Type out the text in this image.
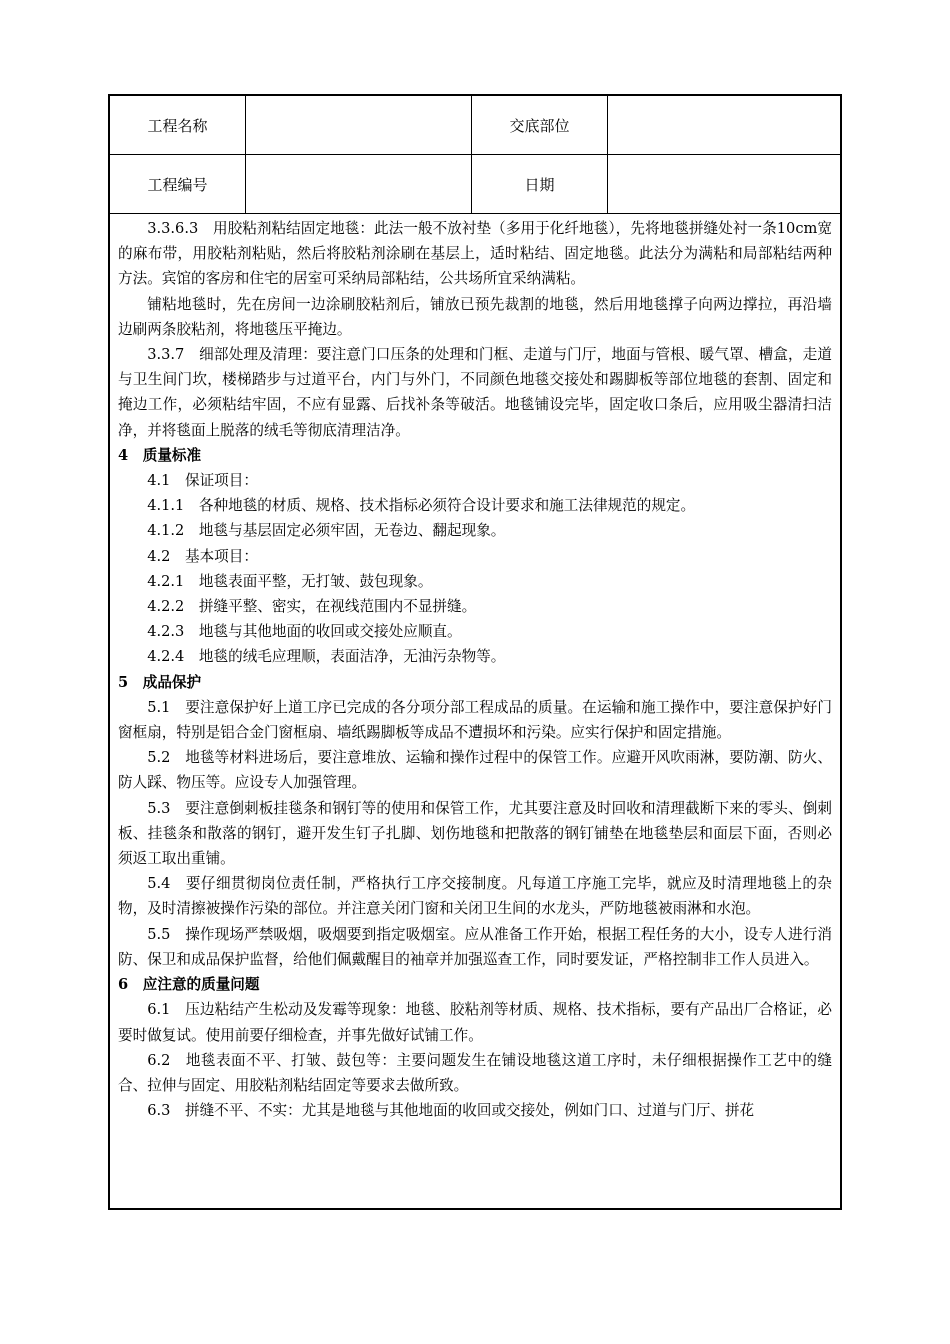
工程名称	交底部位
工程编号	日期

3.3.6.3　用胶粘剂粘结固定地毯：此法一般不放衬垫（多用于化纤地毯），先将地毯拼缝处衬一条10cm宽的麻布带，用胶粘剂粘贴，然后将胶粘剂涂刷在基层上，适时粘结、固定地毯。此法分为满粘和局部粘结两种方法。宾馆的客房和住宅的居室可采纳局部粘结，公共场所宜采纳满粘。

铺粘地毯时，先在房间一边涂刷胶粘剂后，铺放已预先裁割的地毯，然后用地毯撑子向两边撑拉，再沿墙边刷两条胶粘剂，将地毯压平掩边。

3.3.7　细部处理及清理：要注意门口压条的处理和门框、走道与门厅，地面与管根、暖气罩、槽盒，走道与卫生间门坎，楼梯踏步与过道平台，内门与外门，不同颜色地毯交接处和踢脚板等部位地毯的套割、固定和掩边工作，必须粘结牢固，不应有显露、后找补条等破活。地毯铺设完毕，固定收口条后，应用吸尘器清扫洁净，并将毯面上脱落的绒毛等彻底清理洁净。

4　质量标准

4.1　保证项目：

4.1.1　各种地毯的材质、规格、技术指标必须符合设计要求和施工法律规范的规定。

4.1.2　地毯与基层固定必须牢固，无卷边、翻起现象。

4.2　基本项目：

4.2.1　地毯表面平整，无打皱、鼓包现象。

4.2.2　拼缝平整、密实，在视线范围内不显拼缝。

4.2.3　地毯与其他地面的收回或交接处应顺直。

4.2.4　地毯的绒毛应理顺，表面洁净，无油污杂物等。

5　成品保护

5.1　要注意保护好上道工序已完成的各分项分部工程成品的质量。在运输和施工操作中，要注意保护好门窗框扇，特别是铝合金门窗框扇、墙纸踢脚板等成品不遭损坏和污染。应实行保护和固定措施。

5.2　地毯等材料进场后，要注意堆放、运输和操作过程中的保管工作。应避开风吹雨淋，要防潮、防火、防人踩、物压等。应设专人加强管理。

5.3　要注意倒刺板挂毯条和钢钉等的使用和保管工作，尤其要注意及时回收和清理截断下来的零头、倒刺板、挂毯条和散落的钢钉，避开发生钉子扎脚、划伤地毯和把散落的钢钉铺垫在地毯垫层和面层下面，否则必须返工取出重铺。

5.4　要仔细贯彻岗位责任制，严格执行工序交接制度。凡每道工序施工完毕，就应及时清理地毯上的杂物，及时清擦被操作污染的部位。并注意关闭门窗和关闭卫生间的水龙头，严防地毯被雨淋和水泡。

5.5　操作现场严禁吸烟，吸烟要到指定吸烟室。应从准备工作开始，根据工程任务的大小，设专人进行消防、保卫和成品保护监督，给他们佩戴醒目的袖章并加强巡查工作，同时要发证，严格控制非工作人员进入。

6　应注意的质量问题

6.1　压边粘结产生松动及发霉等现象：地毯、胶粘剂等材质、规格、技术指标，要有产品出厂合格证，必要时做复试。使用前要仔细检查，并事先做好试铺工作。

6.2　地毯表面不平、打皱、鼓包等：主要问题发生在铺设地毯这道工序时，未仔细根据操作工艺中的缝合、拉伸与固定、用胶粘剂粘结固定等要求去做所致。

6.3　拼缝不平、不实：尤其是地毯与其他地面的收回或交接处，例如门口、过道与门厅、拼花
